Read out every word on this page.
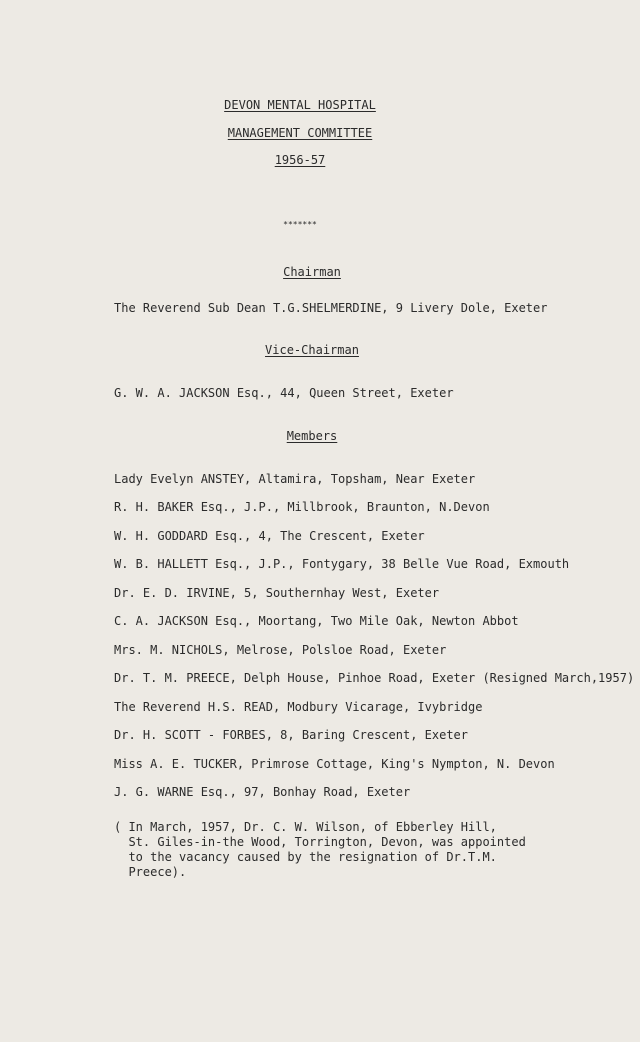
DEVON MENTAL HOSPITAL
MANAGEMENT COMMITTEE
1956-57
*******
Chairman
The Reverend Sub Dean T.G.SHELMERDINE, 9 Livery Dole, Exeter
Vice-Chairman
G. W. A. JACKSON Esq., 44, Queen Street, Exeter
Members
Lady Evelyn ANSTEY, Altamira, Topsham, Near Exeter
R. H. BAKER Esq., J.P., Millbrook, Braunton, N.Devon
W. H. GODDARD Esq., 4, The Crescent, Exeter
W. B. HALLETT Esq., J.P., Fontygary, 38 Belle Vue Road, Exmouth
Dr. E. D. IRVINE, 5, Southernhay West, Exeter
C. A. JACKSON Esq., Moortang, Two Mile Oak, Newton Abbot
Mrs. M. NICHOLS, Melrose, Polsloe Road, Exeter
Dr. T. M. PREECE, Delph House, Pinhoe Road, Exeter (Resigned March,1957)
The Reverend H.S. READ, Modbury Vicarage, Ivybridge
Dr. H. SCOTT - FORBES, 8, Baring Crescent, Exeter
Miss A. E. TUCKER, Primrose Cottage, King's Nympton, N. Devon
J. G. WARNE Esq., 97, Bonhay Road, Exeter
( In March, 1957, Dr. C. W. Wilson, of Ebberley Hill,
St. Giles-in-the Wood, Torrington, Devon, was appointed
to the vacancy caused by the resignation of Dr.T.M.
Preece).
